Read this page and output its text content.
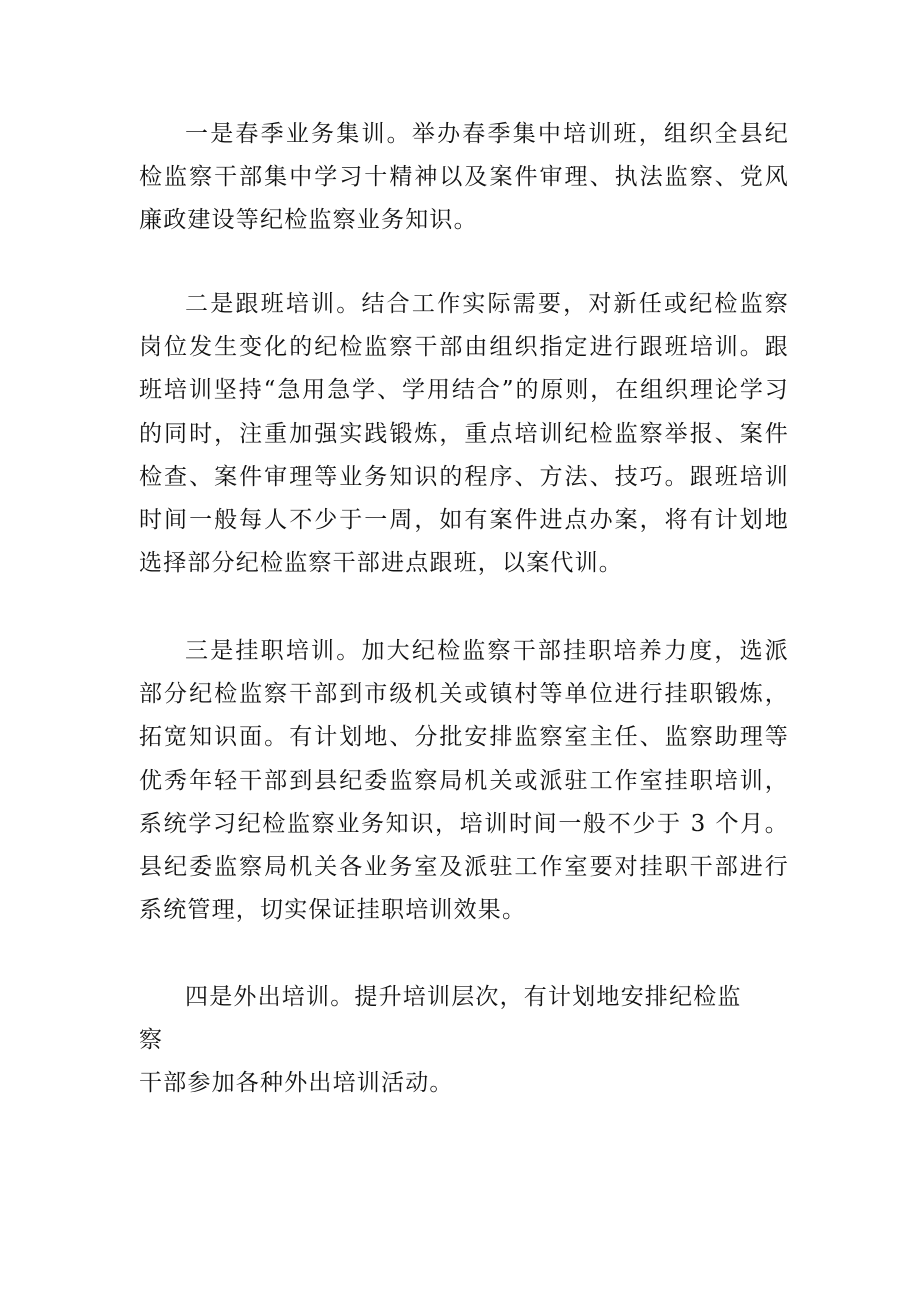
一是春季业务集训。举办春季集中培训班，组织全县纪检监察干部集中学习十精神以及案件审理、执法监察、党风廉政建设等纪检监察业务知识。

二是跟班培训。结合工作实际需要，对新任或纪检监察岗位发生变化的纪检监察干部由组织指定进行跟班培训。跟班培训坚持“急用急学、学用结合”的原则，在组织理论学习的同时，注重加强实践锻炼，重点培训纪检监察举报、案件检查、案件审理等业务知识的程序、方法、技巧。跟班培训时间一般每人不少于一周，如有案件进点办案，将有计划地选择部分纪检监察干部进点跟班，以案代训。

三是挂职培训。加大纪检监察干部挂职培养力度，选派部分纪检监察干部到市级机关或镇村等单位进行挂职锻炼，拓宽知识面。有计划地、分批安排监察室主任、监察助理等优秀年轻干部到县纪委监察局机关或派驻工作室挂职培训，系统学习纪检监察业务知识，培训时间一般不少于 3 个月。县纪委监察局机关各业务室及派驻工作室要对挂职干部进行系统管理，切实保证挂职培训效果。

四是外出培训。提升培训层次，有计划地安排纪检监察

干部参加各种外出培训活动。
